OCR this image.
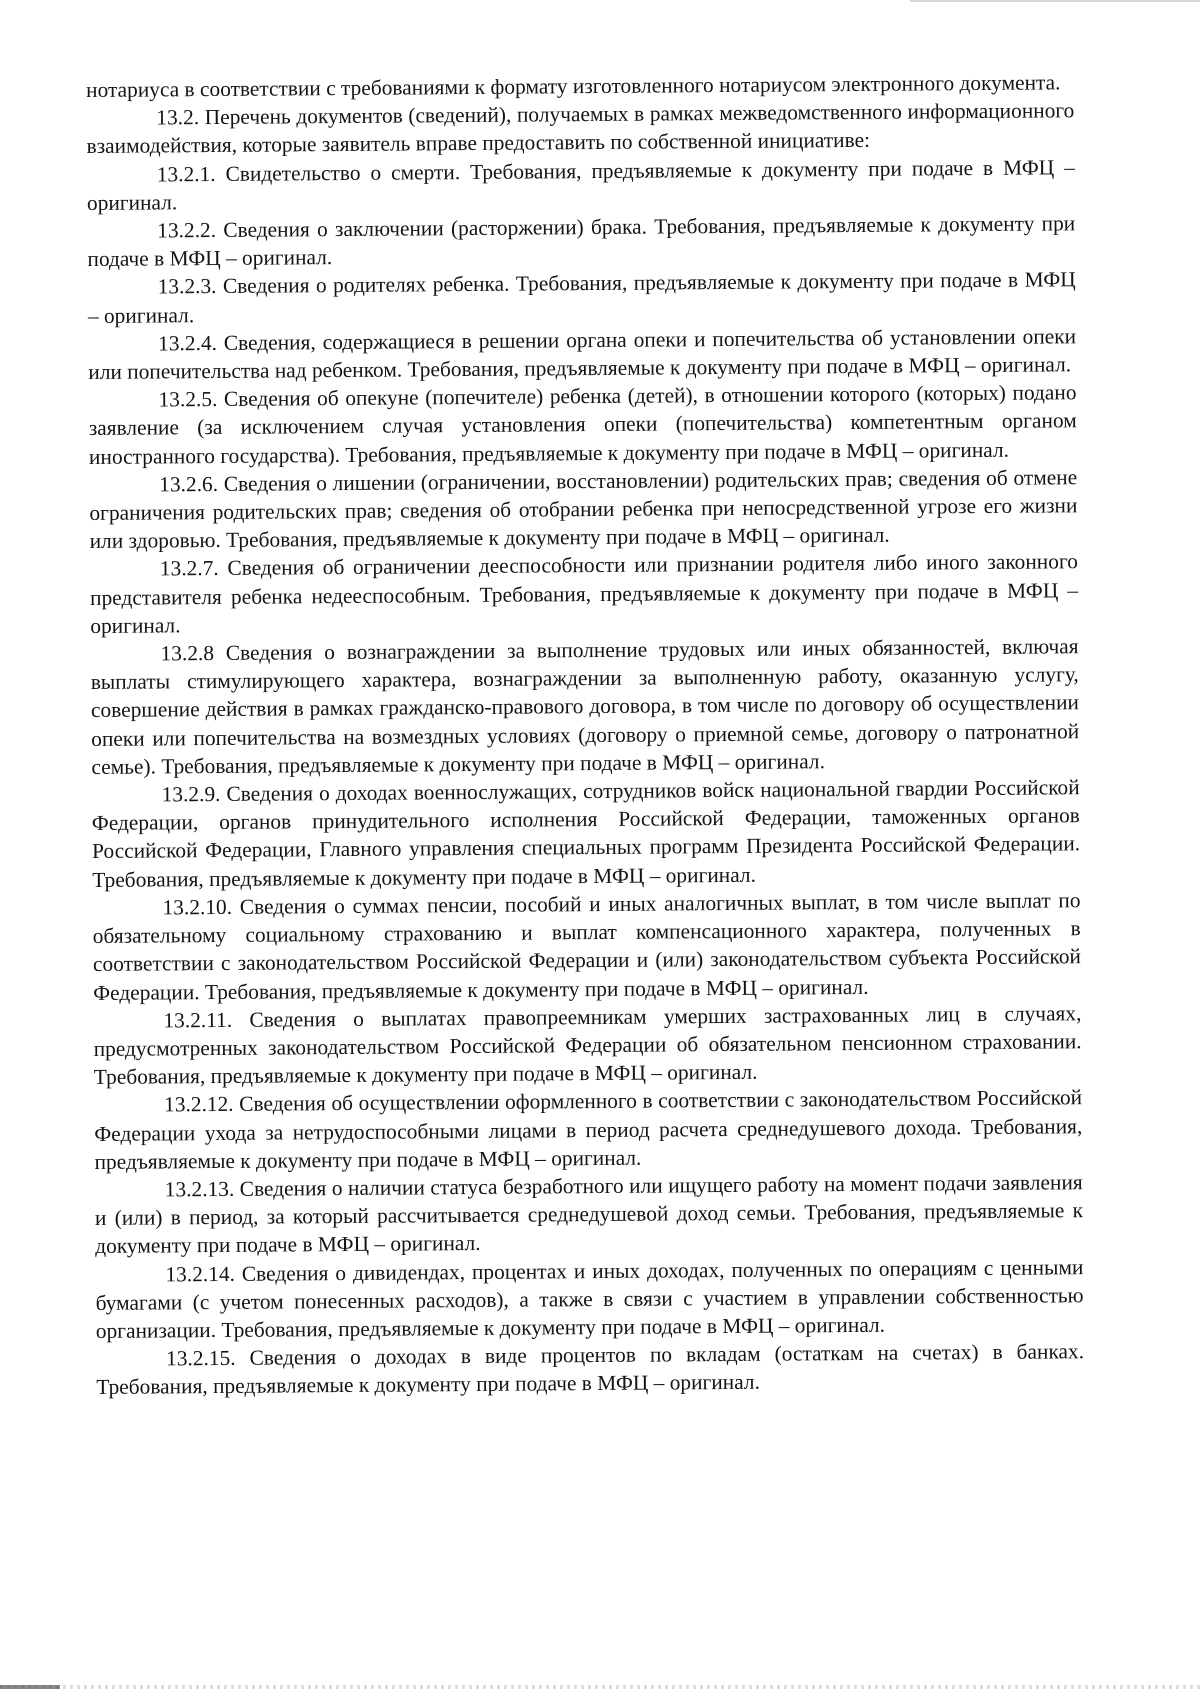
нотариуса в соответствии с требованиями к формату изготовленного нотариусом электронного документа.

13.2. Перечень документов (сведений), получаемых в рамках межведомственного информационного взаимодействия, которые заявитель вправе предоставить по собственной инициативе:

13.2.1. Свидетельство о смерти. Требования, предъявляемые к документу при подаче в МФЦ – оригинал.

13.2.2. Сведения о заключении (расторжении) брака. Требования, предъявляемые к документу при подаче в МФЦ – оригинал.

13.2.3. Сведения о родителях ребенка. Требования, предъявляемые к документу при подаче в МФЦ – оригинал.

13.2.4. Сведения, содержащиеся в решении органа опеки и попечительства об установлении опеки или попечительства над ребенком. Требования, предъявляемые к документу при подаче в МФЦ – оригинал.

13.2.5. Сведения об опекуне (попечителе) ребенка (детей), в отношении которого (которых) подано заявление (за исключением случая установления опеки (попечительства) компетентным органом иностранного государства). Требования, предъявляемые к документу при подаче в МФЦ – оригинал.

13.2.6. Сведения о лишении (ограничении, восстановлении) родительских прав; сведения об отмене ограничения родительских прав; сведения об отобрании ребенка при непосредственной угрозе его жизни или здоровью. Требования, предъявляемые к документу при подаче в МФЦ – оригинал.

13.2.7. Сведения об ограничении дееспособности или признании родителя либо иного законного представителя ребенка недееспособным. Требования, предъявляемые к документу при подаче в МФЦ – оригинал.

13.2.8 Сведения о вознаграждении за выполнение трудовых или иных обязанностей, включая выплаты стимулирующего характера, вознаграждении за выполненную работу, оказанную услугу, совершение действия в рамках гражданско-правового договора, в том числе по договору об осуществлении опеки или попечительства на возмездных условиях (договору о приемной семье, договору о патронатной семье). Требования, предъявляемые к документу при подаче в МФЦ – оригинал.

13.2.9. Сведения о доходах военнослужащих, сотрудников войск национальной гвардии Российской Федерации, органов принудительного исполнения Российской Федерации, таможенных органов Российской Федерации, Главного управления специальных программ Президента Российской Федерации. Требования, предъявляемые к документу при подаче в МФЦ – оригинал.

13.2.10. Сведения о суммах пенсии, пособий и иных аналогичных выплат, в том числе выплат по обязательному социальному страхованию и выплат компенсационного характера, полученных в соответствии с законодательством Российской Федерации и (или) законодательством субъекта Российской Федерации. Требования, предъявляемые к документу при подаче в МФЦ – оригинал.

13.2.11. Сведения о выплатах правопреемникам умерших застрахованных лиц в случаях, предусмотренных законодательством Российской Федерации об обязательном пенсионном страховании. Требования, предъявляемые к документу при подаче в МФЦ – оригинал.

13.2.12. Сведения об осуществлении оформленного в соответствии с законодательством Российской Федерации ухода за нетрудоспособными лицами в период расчета среднедушевого дохода. Требования, предъявляемые к документу при подаче в МФЦ – оригинал.

13.2.13. Сведения о наличии статуса безработного или ищущего работу на момент подачи заявления и (или) в период, за который рассчитывается среднедушевой доход семьи. Требования, предъявляемые к документу при подаче в МФЦ – оригинал.

13.2.14. Сведения о дивидендах, процентах и иных доходах, полученных по операциям с ценными бумагами (с учетом понесенных расходов), а также в связи с участием в управлении собственностью организации. Требования, предъявляемые к документу при подаче в МФЦ – оригинал.

13.2.15. Сведения о доходах в виде процентов по вкладам (остаткам на счетах) в банках. Требования, предъявляемые к документу при подаче в МФЦ – оригинал.
